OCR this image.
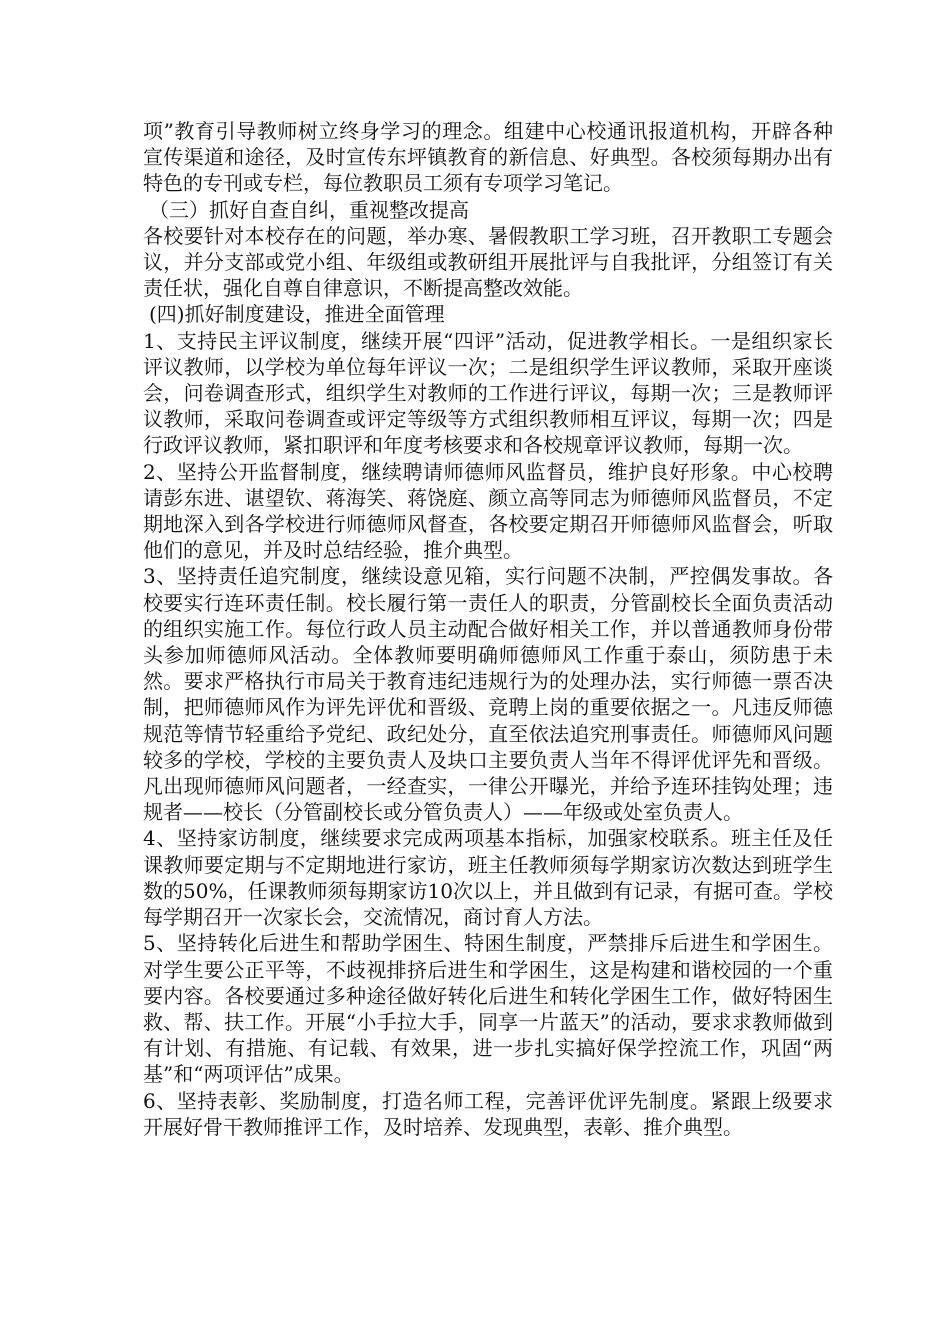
项”教育引导教师树立终身学习的理念。组建中心校通讯报道机构，开辟各种宣传渠道和途径，及时宣传东坪镇教育的新信息、好典型。各校须每期办出有特色的专刊或专栏，每位教职员工须有专项学习笔记。

（三）抓好自查自纠，重视整改提高

各校要针对本校存在的问题，举办寒、暑假教职工学习班，召开教职工专题会议，并分支部或党小组、年级组或教研组开展批评与自我批评，分组签订有关责任状，强化自尊自律意识，不断提高整改效能。

(四)抓好制度建设，推进全面管理

1、支持民主评议制度，继续开展“四评”活动，促进教学相长。一是组织家长评议教师，以学校为单位每年评议一次；二是组织学生评议教师，采取开座谈会，问卷调查形式，组织学生对教师的工作进行评议，每期一次；三是教师评议教师，采取问卷调查或评定等级等方式组织教师相互评议，每期一次；四是行政评议教师，紧扣职评和年度考核要求和各校规章评议教师，每期一次。

2、坚持公开监督制度，继续聘请师德师风监督员，维护良好形象。中心校聘请彭东进、谌望钦、蒋海笑、蒋饶庭、颜立高等同志为师德师风监督员，不定期地深入到各学校进行师德师风督查，各校要定期召开师德师风监督会，听取他们的意见，并及时总结经验，推介典型。

3、坚持责任追究制度，继续设意见箱，实行问题不决制，严控偶发事故。各校要实行连环责任制。校长履行第一责任人的职责，分管副校长全面负责活动的组织实施工作。每位行政人员主动配合做好相关工作，并以普通教师身份带头参加师德师风活动。全体教师要明确师德师风工作重于泰山，须防患于未然。要求严格执行市局关于教育违纪违规行为的处理办法，实行师德一票否决制，把师德师风作为评先评优和晋级、竞聘上岗的重要依据之一。凡违反师德规范等情节轻重给予党纪、政纪处分，直至依法追究刑事责任。师德师风问题较多的学校，学校的主要负责人及块口主要负责人当年不得评优评先和晋级。凡出现师德师风问题者，一经查实，一律公开曝光，并给予连环挂钩处理；违规者——校长（分管副校长或分管负责人）——年级或处室负责人。

4、坚持家访制度，继续要求完成两项基本指标，加强家校联系。班主任及任课教师要定期与不定期地进行家访，班主任教师须每学期家访次数达到班学生数的50%，任课教师须每期家访10次以上，并且做到有记录，有据可查。学校每学期召开一次家长会，交流情况，商讨育人方法。

5、坚持转化后进生和帮助学困生、特困生制度，严禁排斥后进生和学困生。对学生要公正平等，不歧视排挤后进生和学困生，这是构建和谐校园的一个重要内容。各校要通过多种途径做好转化后进生和转化学困生工作，做好特困生救、帮、扶工作。开展“小手拉大手，同享一片蓝天”的活动，要求求教师做到有计划、有措施、有记载、有效果，进一步扎实搞好保学控流工作，巩固“两基”和“两项评估”成果。

6、坚持表彰、奖励制度，打造名师工程，完善评优评先制度。紧跟上级要求开展好骨干教师推评工作，及时培养、发现典型，表彰、推介典型。
